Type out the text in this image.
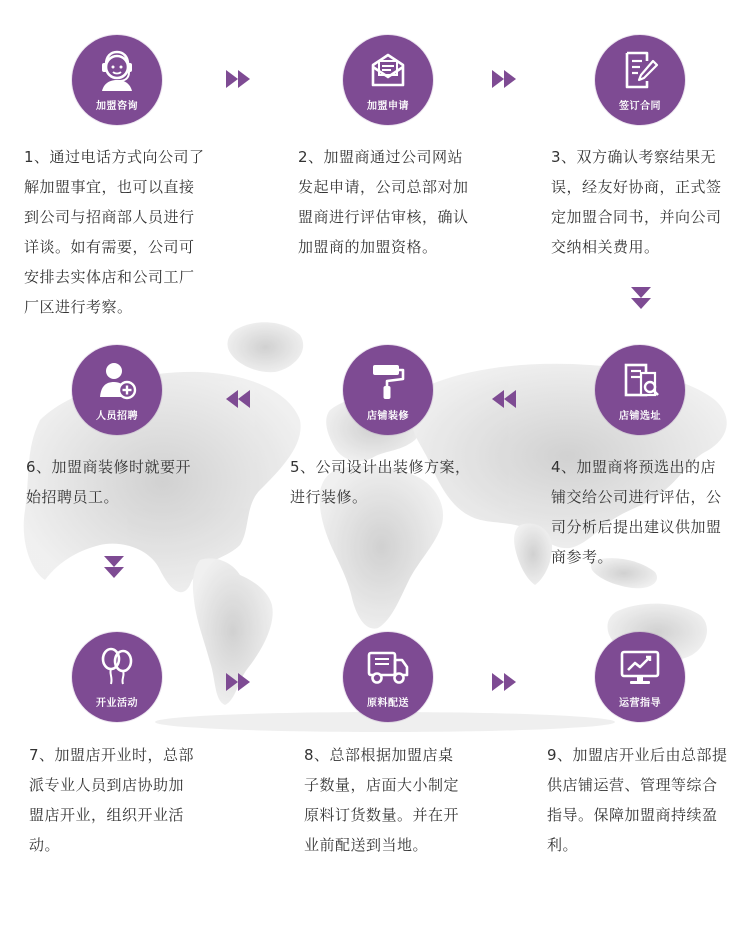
加盟咨询
1、通过电话方式向公司了
解加盟事宜，也可以直接
到公司与招商部人员进行
详谈。如有需要，公司可
安排去实体店和公司工厂
厂区进行考察。
加盟申请
2、加盟商通过公司网站
发起申请，公司总部对加
盟商进行评估审核，确认
加盟商的加盟资格。
签订合同
3、双方确认考察结果无
误，经友好协商，正式签
定加盟合同书，并向公司
交纳相关费用。
店铺选址
4、加盟商将预选出的店
铺交给公司进行评估，公
司分析后提出建议供加盟
商参考。
店铺装修
5、公司设计出装修方案，
进行装修。
人员招聘
6、加盟商装修时就要开
始招聘员工。
开业活动
7、加盟店开业时，总部
派专业人员到店协助加
盟店开业，组织开业活
动。
原料配送
8、总部根据加盟店桌
子数量，店面大小制定
原料订货数量。并在开
业前配送到当地。
运营指导
9、加盟店开业后由总部提
供店铺运营、管理等综合
指导。保障加盟商持续盈
利。
